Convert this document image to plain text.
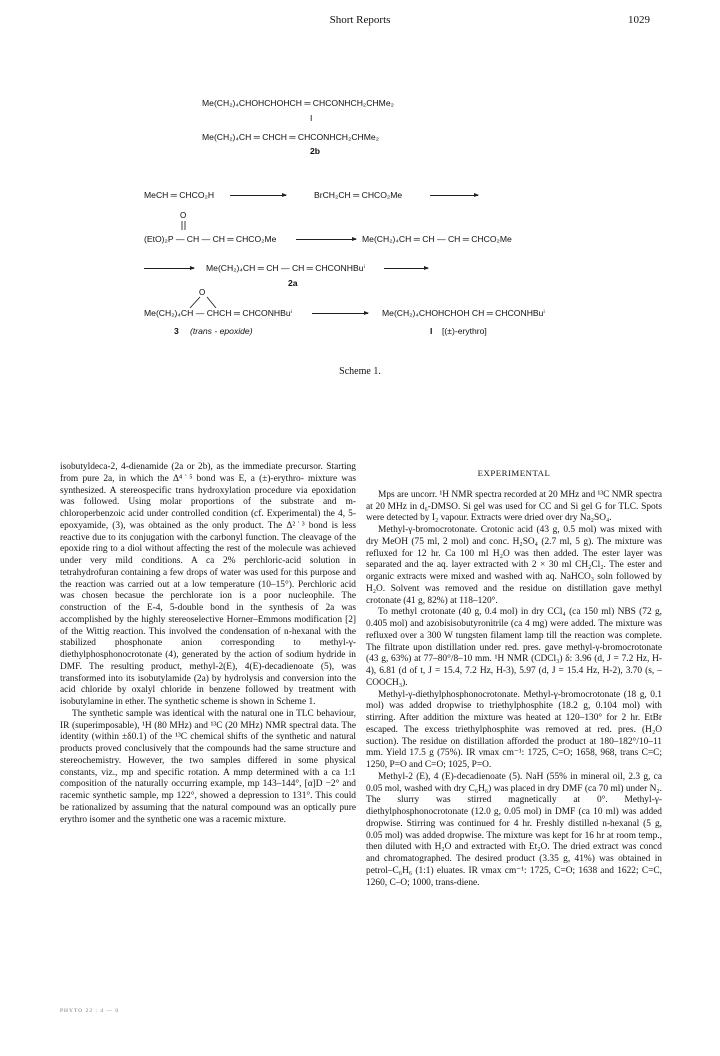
Short Reports	1029
Me(CH₂)₄CHOHCHOHCH ═ CHCONHCH₂CHMe₂
I
Me(CH₂)₄CH ═ CHCH ═ CHCONHCH₂CHMe₂
2b
MeCH ═ CHCO₂H	BrCH₂CH ═ CHCO₂Me
O
(EtO)₂P — CH — CH ═ CHCO₂Me	Me(CH₂)₄CH ═ CH — CH ═ CHCO₂Me
Me(CH₂)₄CH ═ CH — CH ═ CHCONHBuⁱ
2a
O
Me(CH₂)₄CH — CHCH ═ CHCONHBuⁱ	Me(CH₂)₄CHOHCHOH CH ═ CHCONHBuⁱ
3 (trans - epoxide)	I [(±)-erythro]
Scheme 1.

isobutyldeca-2, 4-dienamide (2a or 2b), as the immediate precursor. Starting from pure 2a, in which the Δ⁴˙⁵ bond was E, a (±)-erythro- mixture was synthesized. A stereospecific trans hydroxylation procedure via epoxidation was followed. Using molar proportions of the substrate and m-chloroperbenzoic acid under controlled condition (cf. Experimental) the 4, 5-epoxyamide, (3), was obtained as the only product. The Δ²˙³ bond is less reactive due to its conjugation with the carbonyl function. The cleavage of the epoxide ring to a diol without affecting the rest of the molecule was achieved under very mild conditions. A ca 2% perchloric-acid solution in tetrahydrofuran containing a few drops of water was used for this purpose and the reaction was carried out at a low temperature (10–15°). Perchloric acid was chosen becasue the perchlorate ion is a poor nucleophile. The construction of the E-4, 5-double bond in the synthesis of 2a was accomplished by the highly stereoselective Horner–Emmons modification [2] of the Wittig reaction. This involved the condensation of n-hexanal with the stabilized phosphonate anion corresponding to methyl-γ-diethylphosphonocrotonate (4), generated by the action of sodium hydride in DMF. The resulting product, methyl-2(E), 4(E)-decadienoate (5), was transformed into its isobutylamide (2a) by hydrolysis and conversion into the acid chloride by oxalyl chloride in benzene followed by treatment with isobutylamine in ether. The synthetic scheme is shown in Scheme 1.

The synthetic sample was identical with the natural one in TLC behaviour, IR (superimposable), ¹H (80 MHz) and ¹³C (20 MHz) NMR spectral data. The identity (within ±δ0.1) of the ¹³C chemical shifts of the synthetic and natural products proved conclusively that the compounds had the same structure and stereochemistry. However, the two samples differed in some physical constants, viz., mp and specific rotation. A mmp determined with a ca 1:1 composition of the naturally occurring example, mp 143–144°, [α]D −2° and racemic synthetic sample, mp 122°, showed a depression to 131°. This could be rationalized by assuming that the natural compound was an optically pure erythro isomer and the synthetic one was a racemic mixture.

EXPERIMENTAL

Mps are uncorr. ¹H NMR spectra recorded at 20 MHz and ¹³C NMR spectra at 20 MHz in d₆-DMSO. Si gel was used for CC and Si gel G for TLC. Spots were detected by I₂ vapour. Extracts were dried over dry Na₂SO₄.

Methyl-γ-bromocrotonate. Crotonic acid (43 g, 0.5 mol) was mixed with dry MeOH (75 ml, 2 mol) and conc. H₂SO₄ (2.7 ml, 5 g). The mixture was refluxed for 12 hr. Ca 100 ml H₂O was then added. The ester layer was separated and the aq. layer extracted with 2 × 30 ml CH₂Cl₂. The ester and organic extracts were mixed and washed with aq. NaHCO₃ soln followed by H₂O. Solvent was removed and the residue on distillation gave methyl crotonate (41 g, 82%) at 118–120°.

To methyl crotonate (40 g, 0.4 mol) in dry CCl₄ (ca 150 ml) NBS (72 g, 0.405 mol) and azobisisobutyronitrile (ca 4 mg) were added. The mixture was refluxed over a 300 W tungsten filament lamp till the reaction was complete. The filtrate upon distillation under red. pres. gave methyl-γ-bromocrotonate (43 g, 63%) at 77–80°/8–10 mm. ¹H NMR (CDCl₃) δ: 3.96 (d, J = 7.2 Hz, H-4), 6.81 (d of t, J = 15.4, 7.2 Hz, H-3), 5.97 (d, J = 15.4 Hz, H-2), 3.70 (s, –COOCH₃).

Methyl-γ-diethylphosphonocrotonate. Methyl-γ-bromocrotonate (18 g, 0.1 mol) was added dropwise to triethylphosphite (18.2 g, 0.104 mol) with stirring. After addition the mixture was heated at 120–130° for 2 hr. EtBr escaped. The excess triethylphosphite was removed at red. pres. (H₂O suction). The residue on distillation afforded the product at 180–182°/10–11 mm. Yield 17.5 g (75%). IR νmax cm⁻¹: 1725, C=O; 1658, 968, trans C=C; 1250, P=O and C=O; 1025, P=O.

Methyl-2 (E), 4 (E)-decadienoate (5). NaH (55% in mineral oil, 2.3 g, ca 0.05 mol, washed with dry C₆H₆) was placed in dry DMF (ca 70 ml) under N₂. The slurry was stirred magnetically at 0°. Methyl-γ-diethylphosphonocrotonate (12.0 g, 0.05 mol) in DMF (ca 10 ml) was added dropwise. Stirring was continued for 4 hr. Freshly distilled n-hexanal (5 g, 0.05 mol) was added dropwise. The mixture was kept for 16 hr at room temp., then diluted with H₂O and extracted with Et₂O. The dried extract was concd and chromatographed. The desired product (3.35 g, 41%) was obtained in petrol–C₆H₆ (1:1) eluates. IR νmax cm⁻¹: 1725, C=O; 1638 and 1622; C=C, 1260, C–O; 1000, trans-diene.

PHYTO 22 : 4 — 0
